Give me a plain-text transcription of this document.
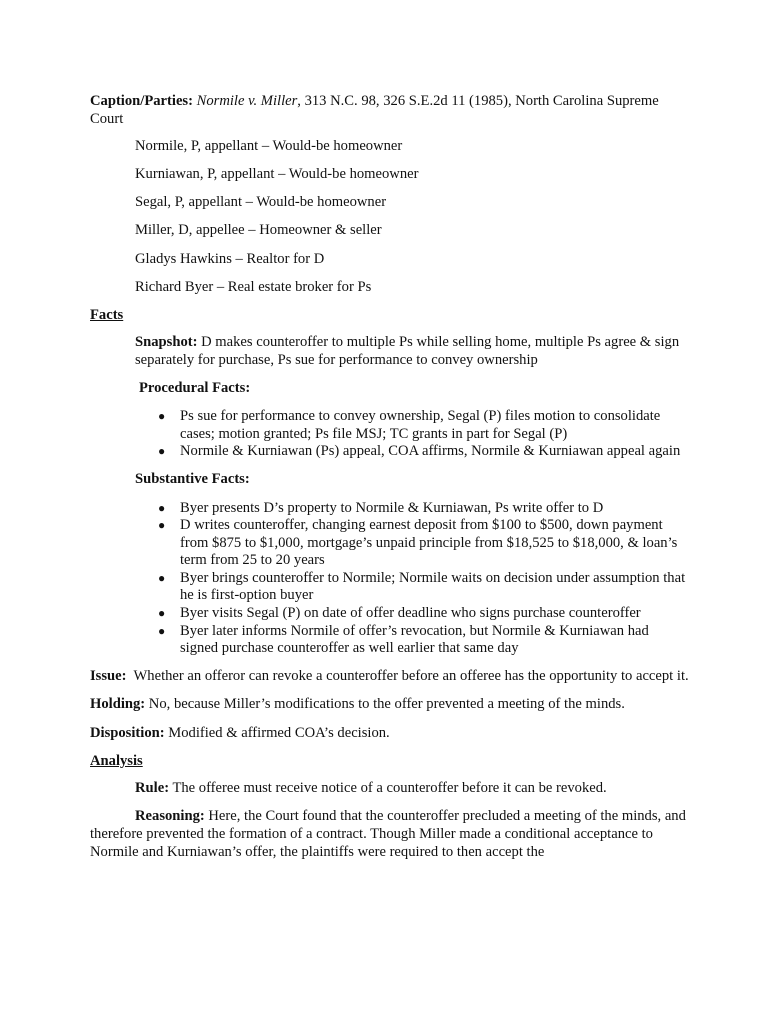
Caption/Parties: Normile v. Miller, 313 N.C. 98, 326 S.E.2d 11 (1985), North Carolina Supreme Court

Normile, P, appellant – Would-be homeowner

Kurniawan, P, appellant – Would-be homeowner

Segal, P, appellant – Would-be homeowner

Miller, D, appellee – Homeowner & seller

Gladys Hawkins – Realtor for D

Richard Byer – Real estate broker for Ps

Facts

Snapshot: D makes counteroffer to multiple Ps while selling home, multiple Ps agree & sign separately for purchase, Ps sue for performance to convey ownership

Procedural Facts:

● Ps sue for performance to convey ownership, Segal (P) files motion to consolidate cases; motion granted; Ps file MSJ; TC grants in part for Segal (P)
● Normile & Kurniawan (Ps) appeal, COA affirms, Normile & Kurniawan appeal again

Substantive Facts:

● Byer presents D’s property to Normile & Kurniawan, Ps write offer to D
● D writes counteroffer, changing earnest deposit from $100 to $500, down payment from $875 to $1,000, mortgage’s unpaid principle from $18,525 to $18,000, & loan’s term from 25 to 20 years
● Byer brings counteroffer to Normile; Normile waits on decision under assumption that he is first-option buyer
● Byer visits Segal (P) on date of offer deadline who signs purchase counteroffer
● Byer later informs Normile of offer’s revocation, but Normile & Kurniawan had signed purchase counteroffer as well earlier that same day

Issue:  Whether an offeror can revoke a counteroffer before an offeree has the opportunity to accept it.

Holding: No, because Miller’s modifications to the offer prevented a meeting of the minds.

Disposition: Modified & affirmed COA’s decision.

Analysis

Rule: The offeree must receive notice of a counteroffer before it can be revoked.

Reasoning: Here, the Court found that the counteroffer precluded a meeting of the minds, and therefore prevented the formation of a contract. Though Miller made a conditional acceptance to Normile and Kurniawan’s offer, the plaintiffs were required to then accept the
